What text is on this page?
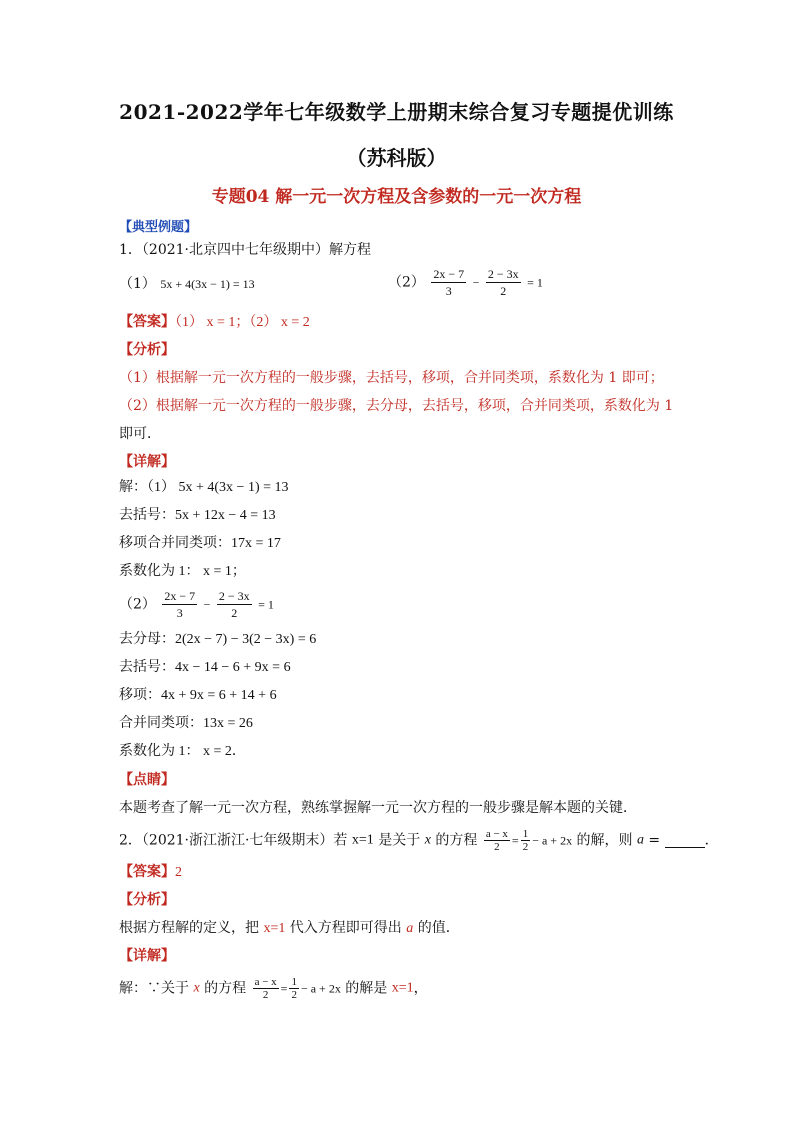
2021-2022学年七年级数学上册期末综合复习专题提优训练
（苏科版）
专题04 解一元一次方程及含参数的一元一次方程
【典型例题】
1．（2021·北京四中七年级期中）解方程
（1） 5x + 4(3x − 1) = 13	$(2) \frac{2x - 7}{3} - \frac{2 - 3x}{2} = 1$
【答案】（1） x = 1；（2） x = 2
【分析】
（1）根据解一元一次方程的一般步骤，去括号，移项，合并同类项，系数化为 1 即可；
（2）根据解一元一次方程的一般步骤，去分母，去括号，移项，合并同类项，系数化为 1
即可．
【详解】
解：（1） 5x + 4(3x − 1) = 13
去括号：5x + 12x − 4 = 13
移项合并同类项：17x = 17
系数化为 1： x = 1；
$(2) \frac{2x - 7}{3} - \frac{2 - 3x}{2} = 1$
去分母：2(2x − 7) − 3(2 − 3x) = 6
去括号：4x − 14 − 6 + 9x = 6
移项：4x + 9x = 6 + 14 + 6
合并同类项：13x = 26
系数化为 1： x = 2．
【点睛】
本题考查了解一元一次方程，熟练掌握解一元一次方程的一般步骤是解本题的关键．
2．（2021·浙江浙江·七年级期末）若 x=1 是关于 x 的方程 $\frac{a - x}{2} = \frac{1}{2} - a + 2x$ 的解，则 a =	．
【答案】2
【分析】
根据方程解的定义，把 x=1 代入方程即可得出 a 的值．
【详解】
解：∵关于 x 的方程 $\frac{a - x}{2} = \frac{1}{2} - a + 2x$ 的解是 x=1，
